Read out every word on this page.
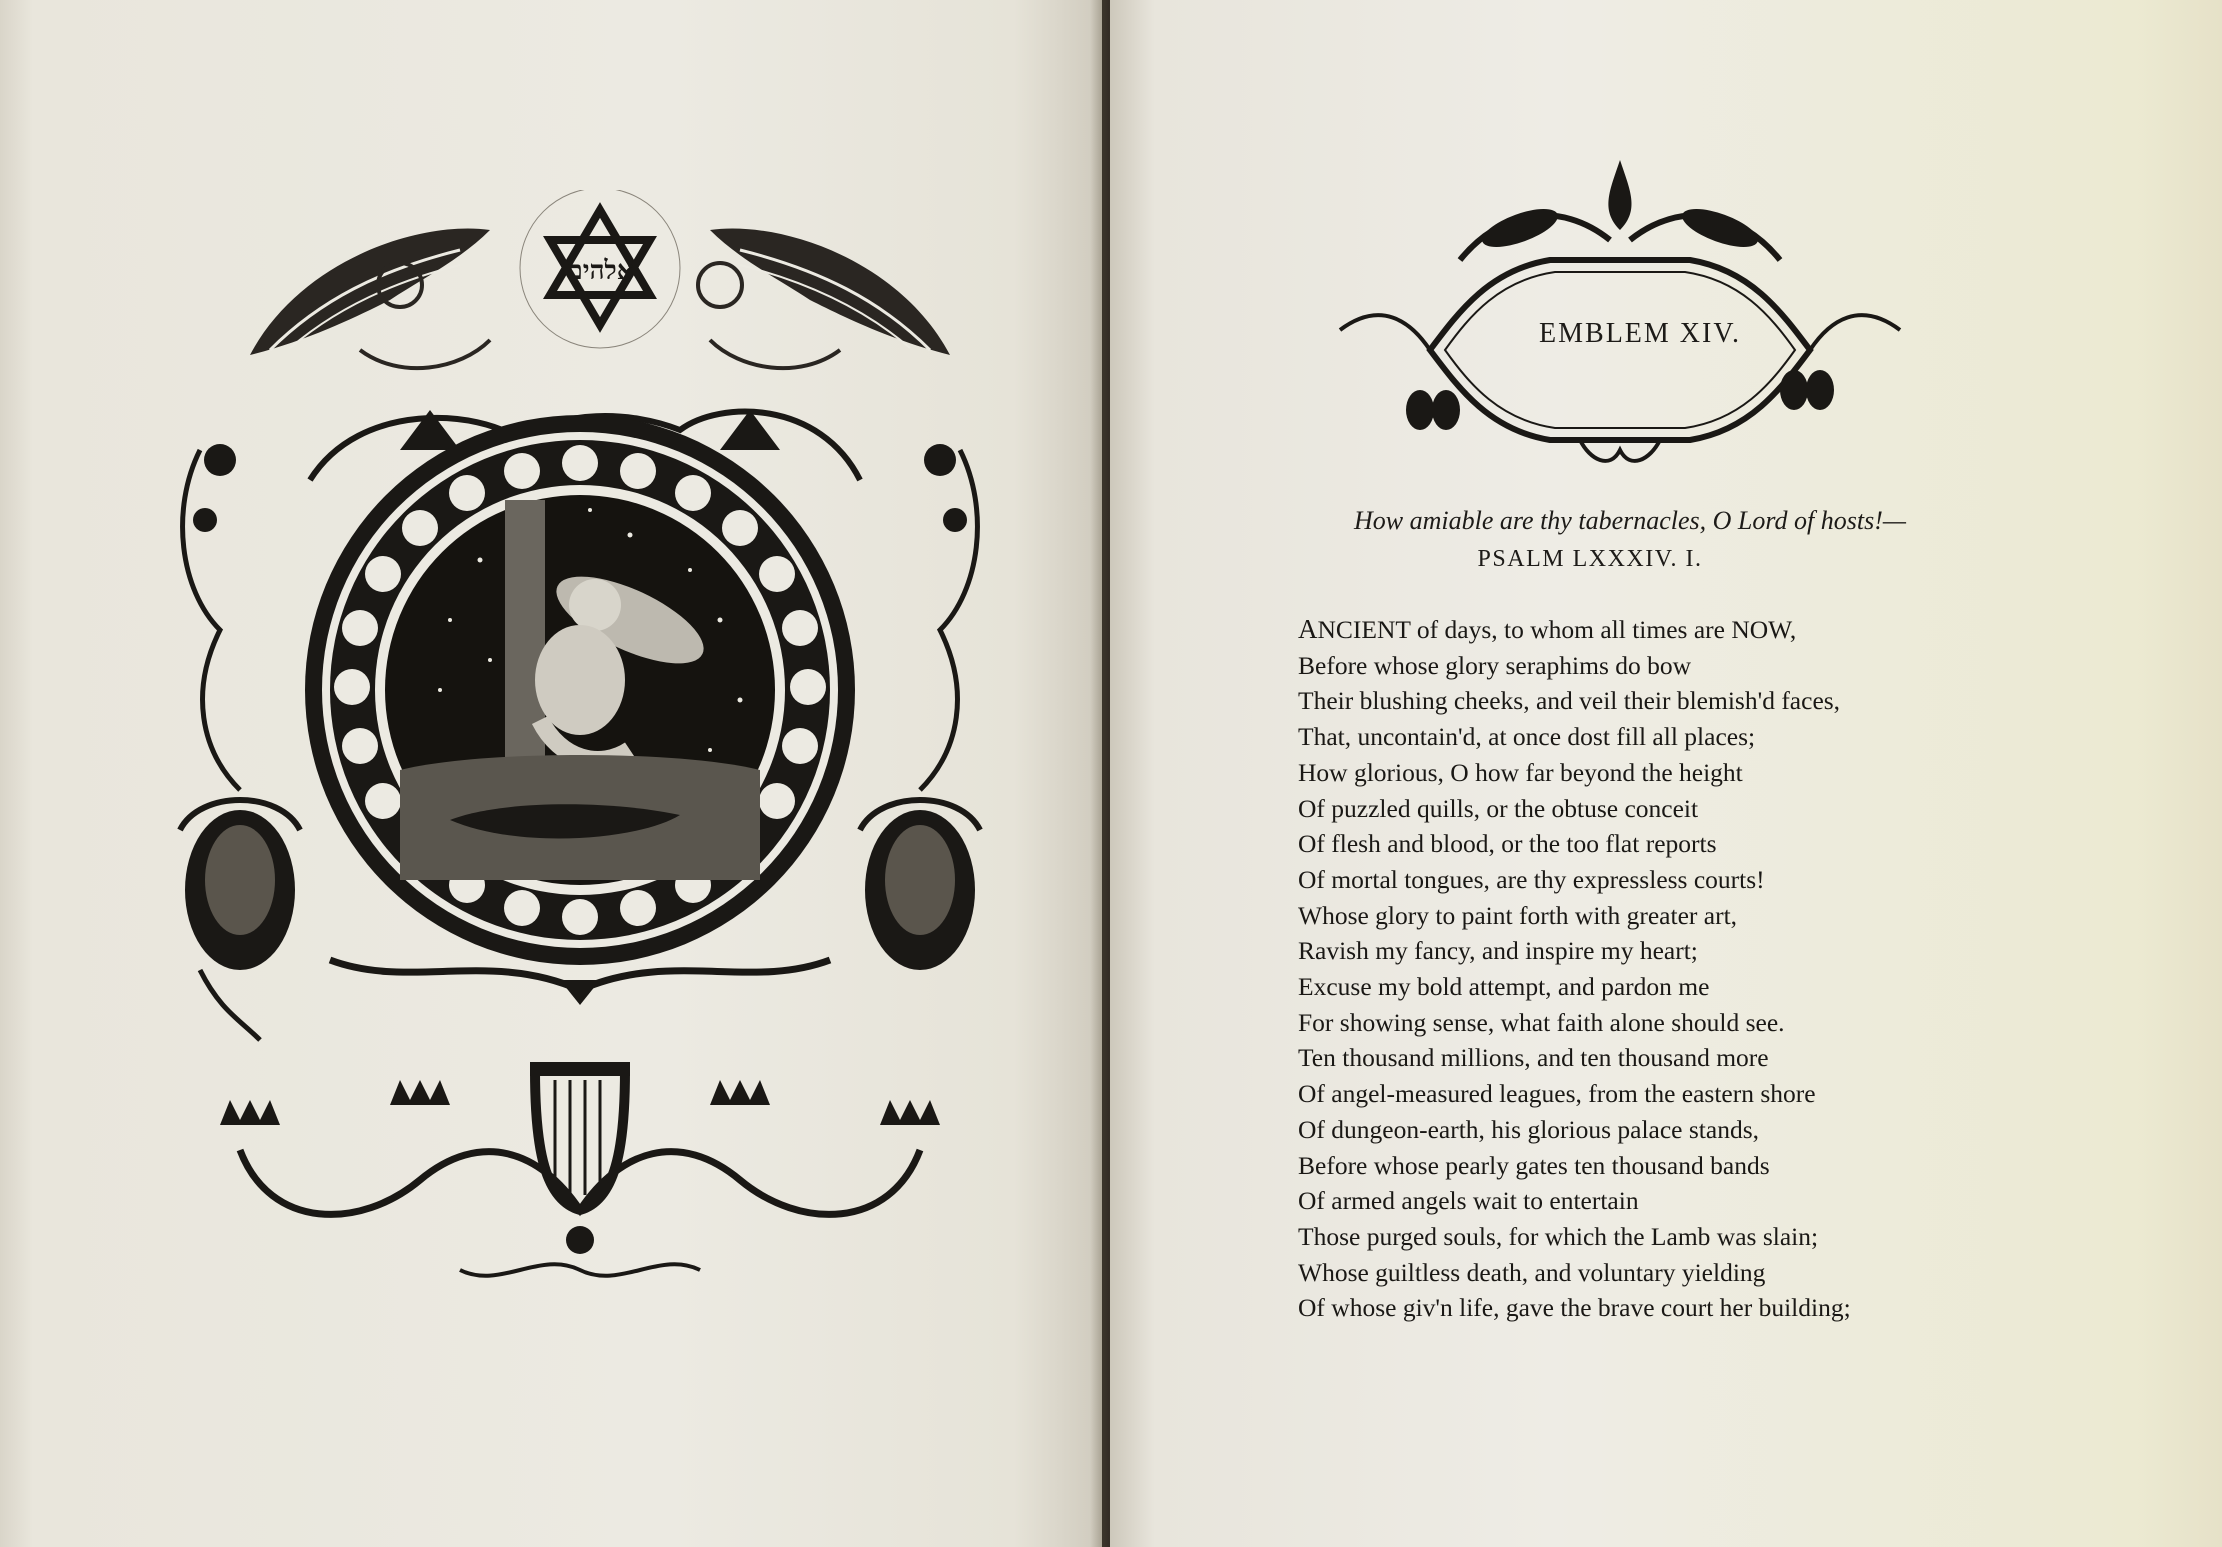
אלהים
EMBLEM XIV.
How amiable are thy tabernacles, O Lord of hosts!—
PSALM LXXXIV. I.
ANCIENT of days, to whom all times are NOW,
Before whose glory seraphims do bow
Their blushing cheeks, and veil their blemish'd faces,
That, uncontain'd, at once dost fill all places;
How glorious, O how far beyond the height
Of puzzled quills, or the obtuse conceit
Of flesh and blood, or the too flat reports
Of mortal tongues, are thy expressless courts!
Whose glory to paint forth with greater art,
Ravish my fancy, and inspire my heart;
Excuse my bold attempt, and pardon me
For showing sense, what faith alone should see.
Ten thousand millions, and ten thousand more
Of angel-measured leagues, from the eastern shore
Of dungeon-earth, his glorious palace stands,
Before whose pearly gates ten thousand bands
Of armed angels wait to entertain
Those purged souls, for which the Lamb was slain;
Whose guiltless death, and voluntary yielding
Of whose giv'n life, gave the brave court her building;
